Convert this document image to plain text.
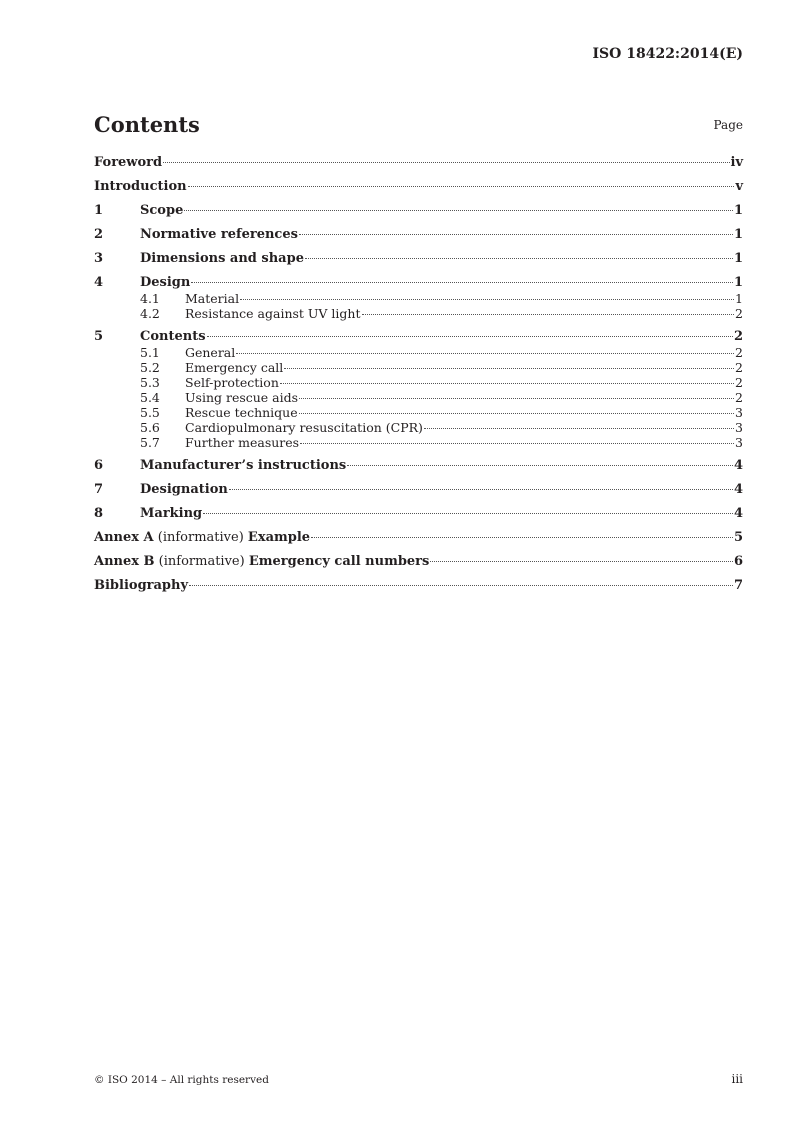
ISO 18422:2014(E)
Contents	Page
Foreword	iv
Introduction	v
1	Scope	1
2	Normative references	1
3	Dimensions and shape	1
4	Design	1
4.1	Material	1
4.2	Resistance against UV light	2
5	Contents	2
5.1	General	2
5.2	Emergency call	2
5.3	Self-protection	2
5.4	Using rescue aids	2
5.5	Rescue technique	3
5.6	Cardiopulmonary resuscitation (CPR)	3
5.7	Further measures	3
6	Manufacturer’s instructions	4
7	Designation	4
8	Marking	4
Annex A (informative) Example	5
Annex B (informative) Emergency call numbers	6
Bibliography	7
© ISO 2014 – All rights reserved	iii
